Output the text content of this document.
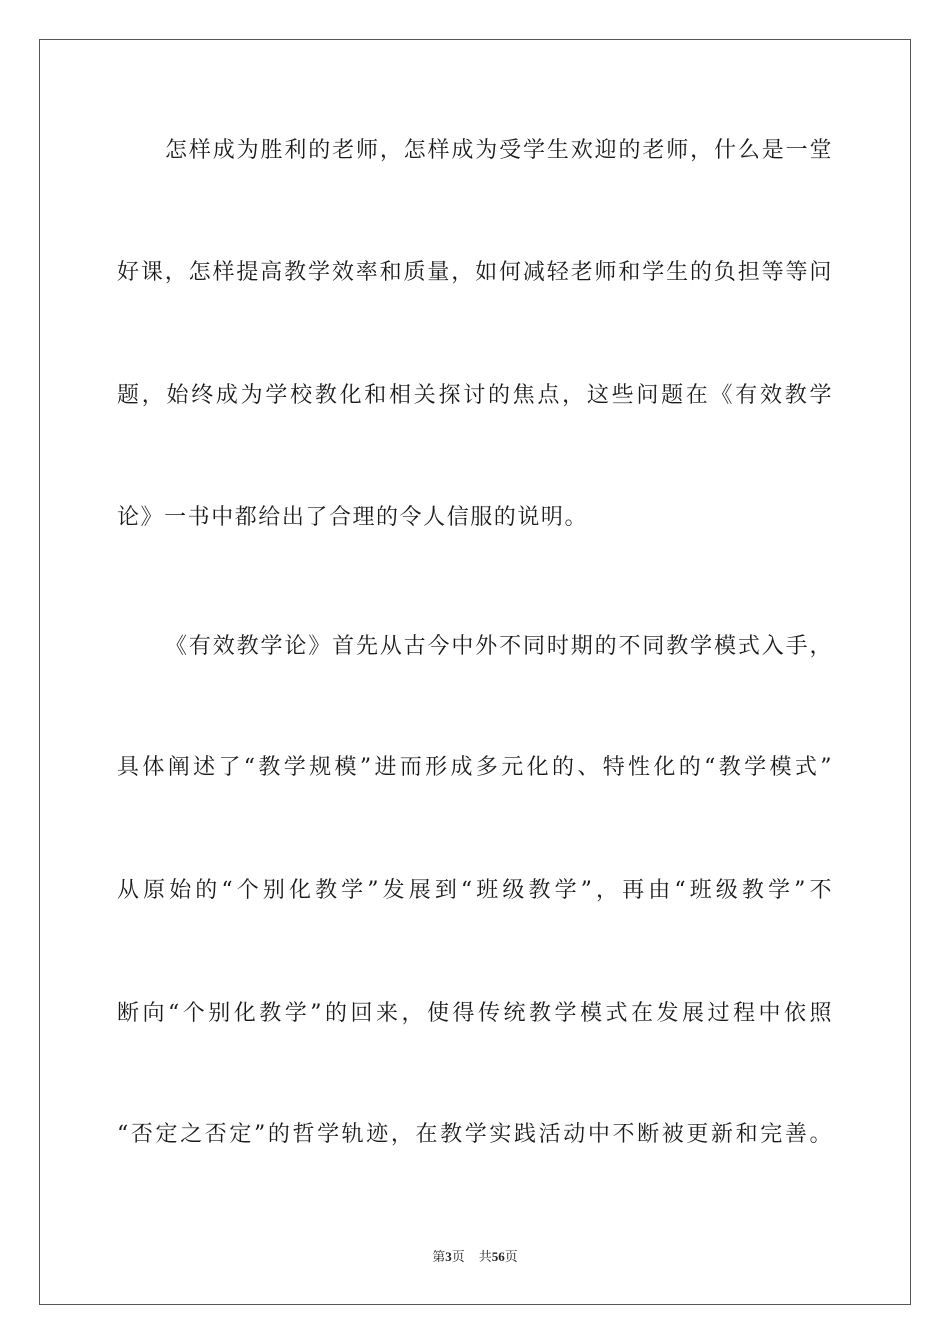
怎样成为胜利的老师，怎样成为受学生欢迎的老师，什么是一堂
好课，怎样提高教学效率和质量，如何减轻老师和学生的负担等等问
题，始终成为学校教化和相关探讨的焦点，这些问题在《有效教学
论》一书中都给出了合理的令人信服的说明。
《有效教学论》首先从古今中外不同时期的不同教学模式入手，
具体阐述了“教学规模”进而形成多元化的、特性化的“教学模式”
从原始的“个别化教学”发展到“班级教学”，再由“班级教学”不
断向“个别化教学”的回来，使得传统教学模式在发展过程中依照
“否定之否定”的哲学轨迹，在教学实践活动中不断被更新和完善。
第3页 共56页
